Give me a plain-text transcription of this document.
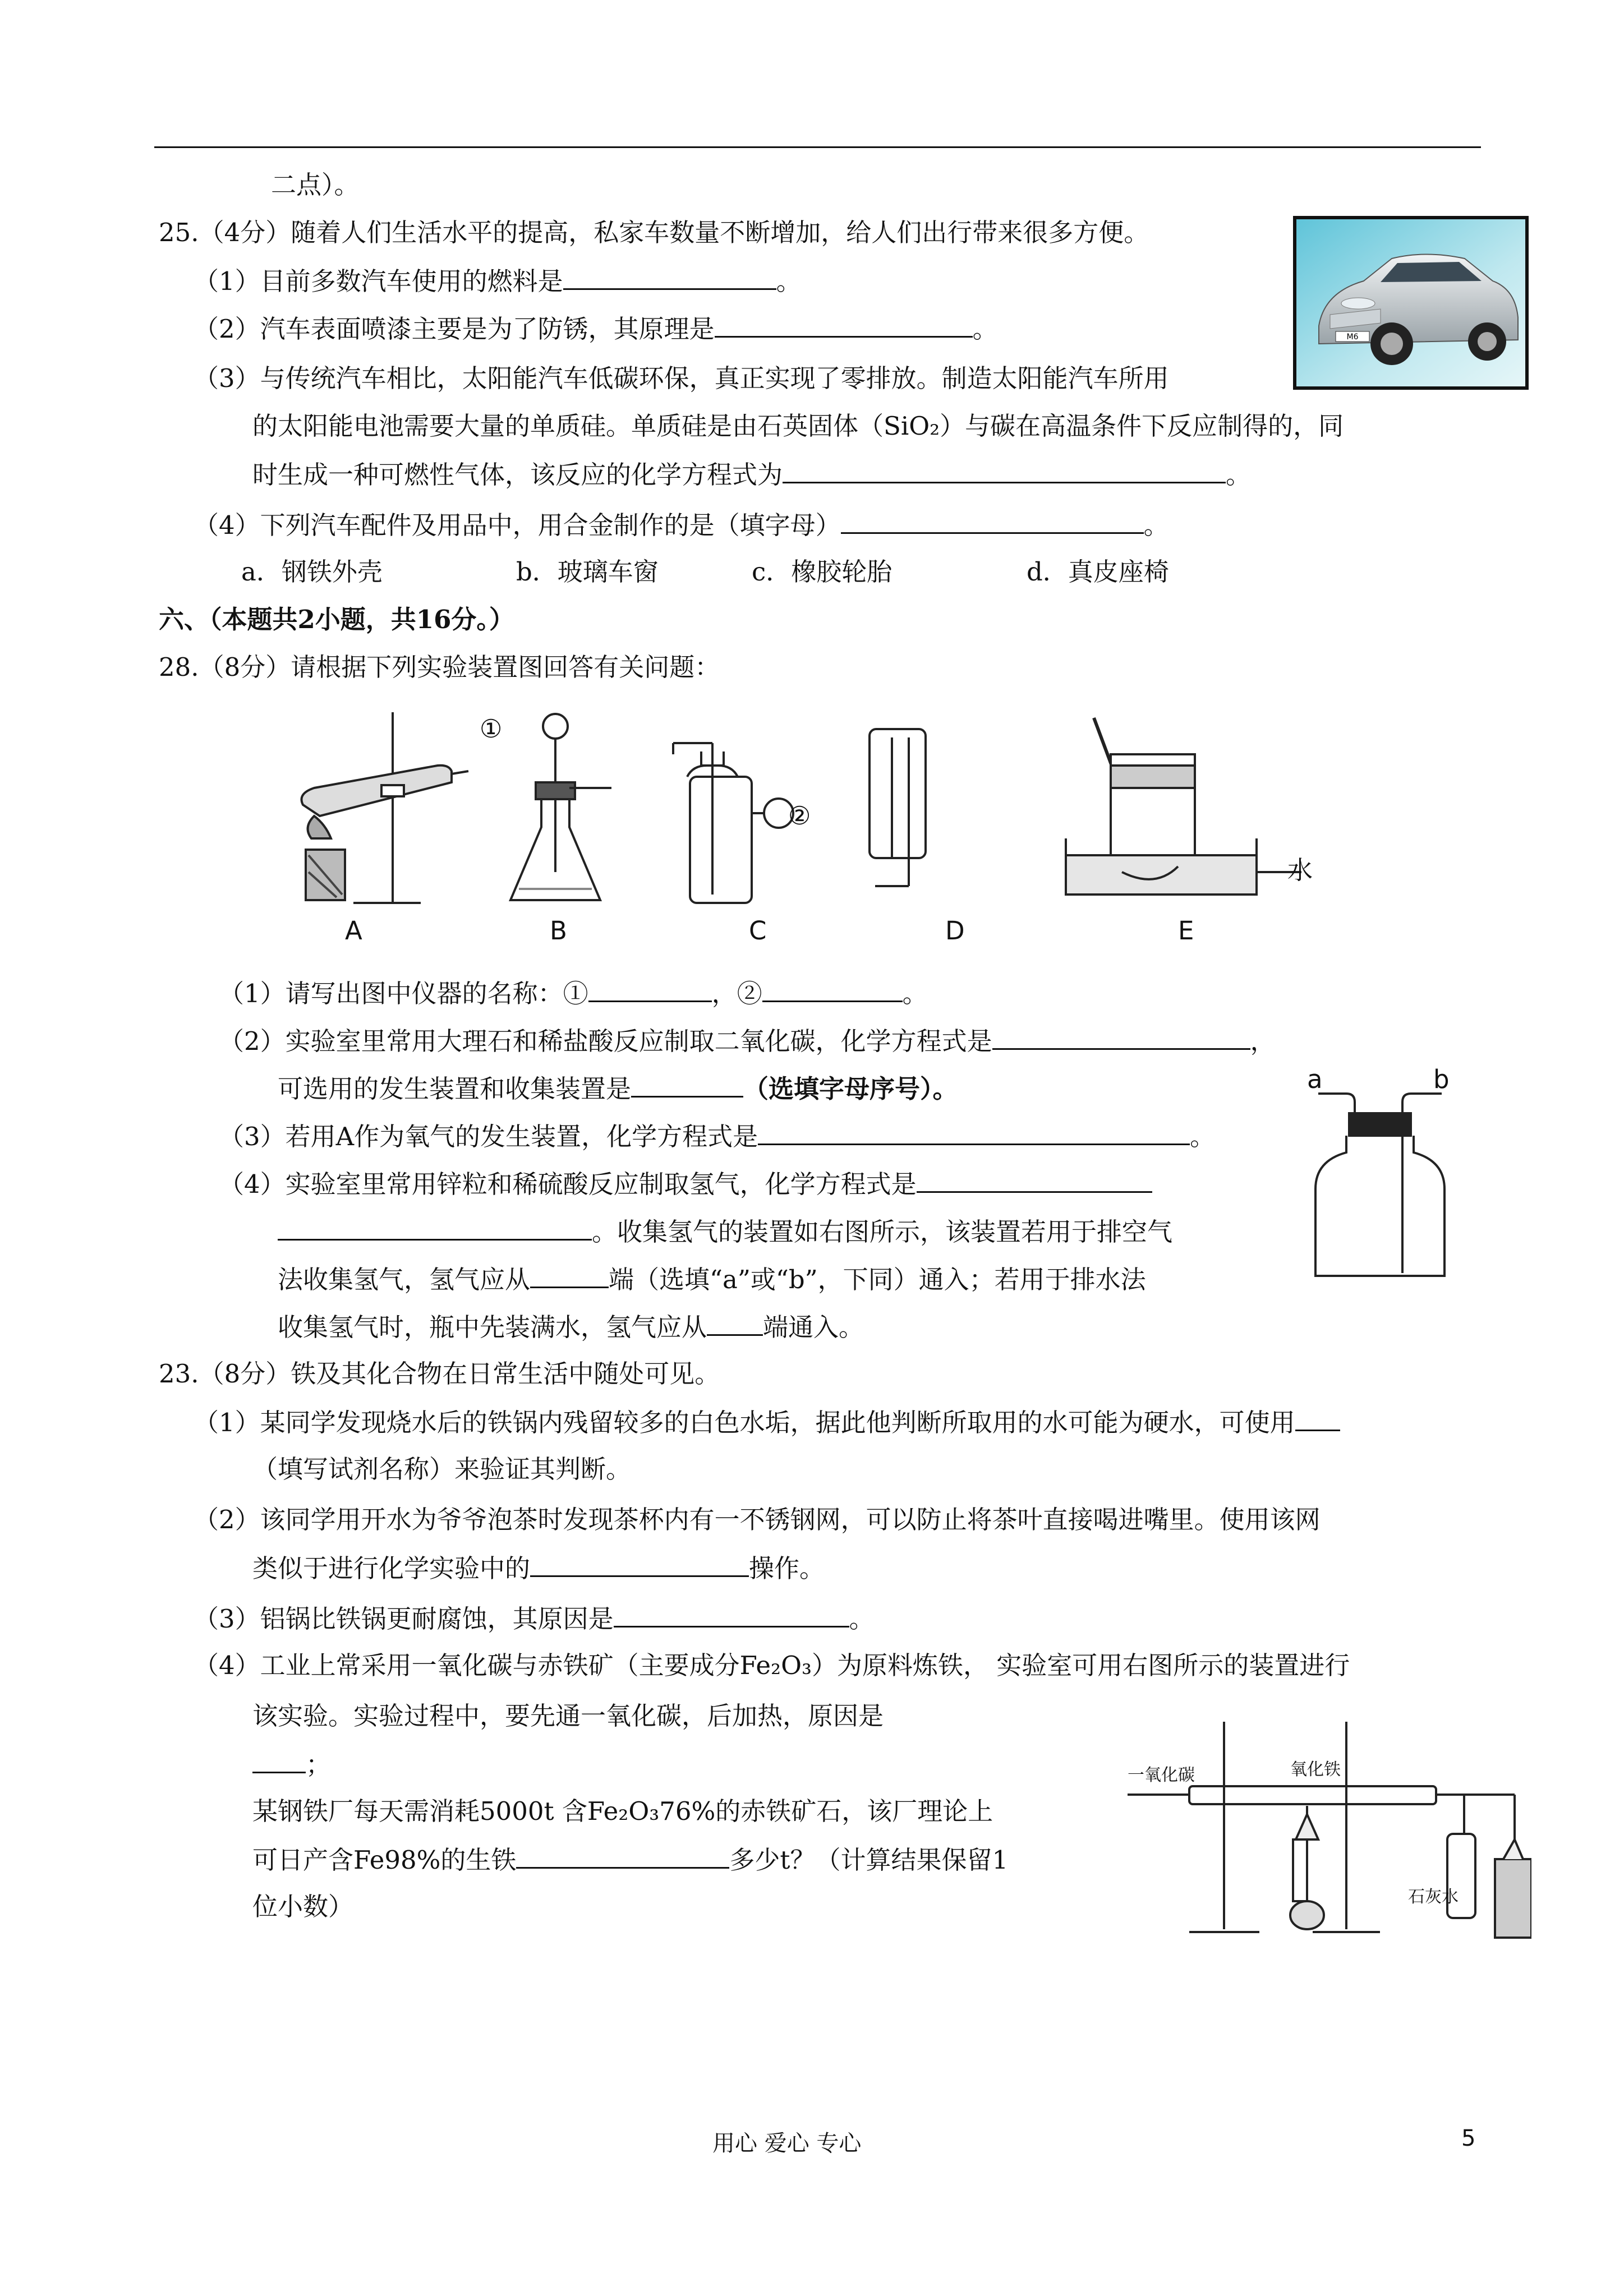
二点）。
25.（4分）随着人们生活水平的提高，私家车数量不断增加，给人们出行带来很多方便。
（1）目前多数汽车使用的燃料是	。
（2）汽车表面喷漆主要是为了防锈，其原理是	。
（3）与传统汽车相比，太阳能汽车低碳环保，真正实现了零排放。制造太阳能汽车所用
的太阳能电池需要大量的单质硅。单质硅是由石英固体（SiO₂）与碳在高温条件下反应制得的，同
时生成一种可燃性气体，该反应的化学方程式为	。
（4）下列汽车配件及用品中，用合金制作的是（填字母）	。
a．钢铁外壳	b．玻璃车窗	c．橡胶轮胎	d．真皮座椅
M6
六、（本题共2小题，共16分。）
28.（8分）请根据下列实验装置图回答有关问题：
①
②
水
A	B	C	D	E
（1）请写出图中仪器的名称：①	，②	。
（2）实验室里常用大理石和稀盐酸反应制取二氧化碳，化学方程式是	，
可选用的发生装置和收集装置是	（选填字母序号）。
（3）若用A作为氧气的发生装置，化学方程式是	。
（4）实验室里常用锌粒和稀硫酸反应制取氢气，化学方程式是
。收集氢气的装置如右图所示，该装置若用于排空气
法收集氢气，氢气应从	端（选填“a”或“b”，下同）通入；若用于排水法
收集氢气时，瓶中先装满水，氢气应从 端通入。
a	b
23.（8分）铁及其化合物在日常生活中随处可见。
（1）某同学发现烧水后的铁锅内残留较多的白色水垢，据此他判断所取用的水可能为硬水，可使用
（填写试剂名称）来验证其判断。
（2）该同学用开水为爷爷泡茶时发现茶杯内有一不锈钢网，可以防止将茶叶直接喝进嘴里。使用该网
类似于进行化学实验中的	操作。
（3）铝锅比铁锅更耐腐蚀，其原因是	。
（4）工业上常采用一氧化碳与赤铁矿（主要成分Fe₂O₃）为原料炼铁， 实验室可用右图所示的装置进行
该实验。实验过程中，要先通一氧化碳，后加热，原因是
；
某钢铁厂每天需消耗5000t 含Fe₂O₃76%的赤铁矿石，该厂理论上
可日产含Fe98%的生铁	多少t？（计算结果保留1
位小数）
一氧化碳	氧化铁
石灰水
用心 爱心 专心	5
